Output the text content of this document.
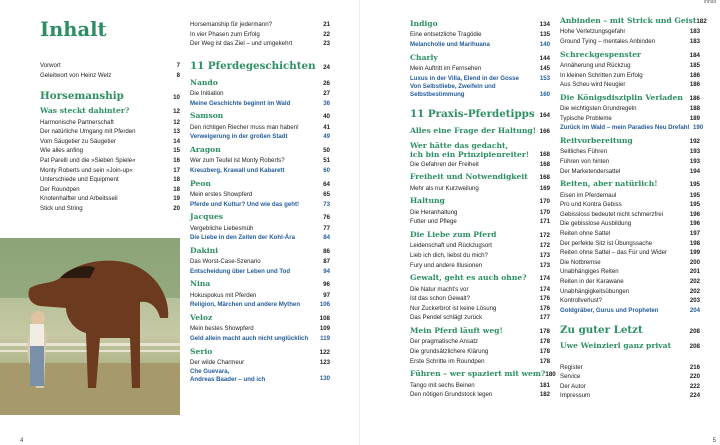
Inhalt
Vorwort	7
Geleitwort von Heinz Welz	8
Horsemanship	10
Was steckt dahinter?	12
Harmonische Partnerschaft	12
Der natürliche Umgang mit Pferden	13
Vom Säugetier zu Säugetier	14
Wie alles anfing	15
Pat Parelli und die »Sieben Spiele«	16
Monty Roberts und sein »Join-up«	17
Unterschiede und Equipment	18
Der Roundpen	18
Knotenhalfter und Arbeitsseil	19
Stick und String	20
Horsemanship für jedermann?	21
In vier Phasen zum Erfolg	22
Der Weg ist das Ziel – und umgekehrt	23
11 Pferdegeschichten 24
Nando	26
Die Initiation	27
Meine Geschichte beginnt im Wald	36
Samson	40
Den richtigen Riecher muss man haben!	41
Verweigerung in der großen Stadt	49
Aragon	50
Wer zum Teufel ist Monty Roberts?	51
Kreuzberg, Krawall und Kabarett	60
Peon	64
Mein erstes Showpferd	65
Pferde und Kultur? Und wie das geht!	73
Jacques	76
Vergebliche Liebesmüh	77
Die Liebe in den Zeiten der Kohl-Ära	84
Dakini	86
Das Worst-Case-Szenario	87
Entscheidung über Leben und Tod	94
Nina	96
Hokuspokus mit Pferden	97
Religion, Märchen und andere Mythen	106
Veloz	108
Mein bestes Showpferd	109
Geld allein macht auch nicht unglücklich	119
Serio	122
Der wilde Charmeur	123
Che Guevara,
Andreas Baader – und ich	130
4
Inhalt
Indigo	134
Eine entsetzliche Tragödie	135
Melancholie und Marihuana	140
Charly	144
Mein Auftritt im Fernsehen	145
Luxus in der Villa, Elend in der Gosse	153
Von Selbstliebe, Zweifeln und
Selbstbestimmung	160
11 Praxis-Pferdetipps 164
Alles eine Frage der Haltung! 166
Wer hätte das gedacht,
ich bin ein Prinzipienreiter! 168
Die Gefahren der Freiheit	168
Freiheit und Notwendigkeit 168
Mehr als nur Kurzweilung	169
Haltung	170
Die Heranhaltung	170
Futter und Pflege	171
Die Liebe zum Pferd	172
Leidenschaft und Rückzugsort	172
Lieb ich dich, liebst du mich?	173
Fury und andere Illusionen	173
Gewalt, geht es auch ohne? 174
Die Natur macht’s vor	174
Ist das schon Gewalt?	176
Nur Zuckerbrot ist keine Lösung	176
Das Pendel schlägt zurück	177
Mein Pferd läuft weg!	178
Der pragmatische Ansatz	178
Die grundsätzlichere Klärung	178
Erste Schritte im Roundpen	178
Führen – wer spaziert mit wem? 180
Tango mit sechs Beinen	181
Den nötigen Grundstock legen	182
Anbinden – mit Strick und Geist 182
Hohe Verletzungsgefahr	183
Ground Tying – mentales Anbinden	183
Schreckgespenster	184
Annäherung und Rückzug	185
In kleinen Schritten zum Erfolg	186
Aus Scheu wird Neugier	186
Die Königsdisziplin Verladen 186
Die wichtigsten Grundregeln	188
Typische Probleme	189
Zurück im Wald – mein Paradies Neu Drefahl 190
Reitvorbereitung	192
Seitliches Führen	193
Führen von hinten	193
Der Marketendersattel	194
Reiten, aber natürlich!	195
Eisen im Pferdemaul	195
Pro und Kontra Gebiss	195
Gebissloss bedeutet nicht schmerzfrei	196
Die gebisslose Ausbildung	196
Reiten ohne Sattel	197
Der perfekte Sitz ist Übungssache	198
Reiten ohne Sattel – das Für und Wider	199
Die Notbremse	200
Unabhängiges Reiten	201
Reiten in der Karawane	202
Unabhängigkeitsübungen	202
Kontrollverlust?	203
Goldgräber, Gurus und Propheten	204
Zu guter Letzt	208
Uwe Weinzierl ganz privat	208
Register	216
Service	220
Der Autor	222
Impressum	224
5
